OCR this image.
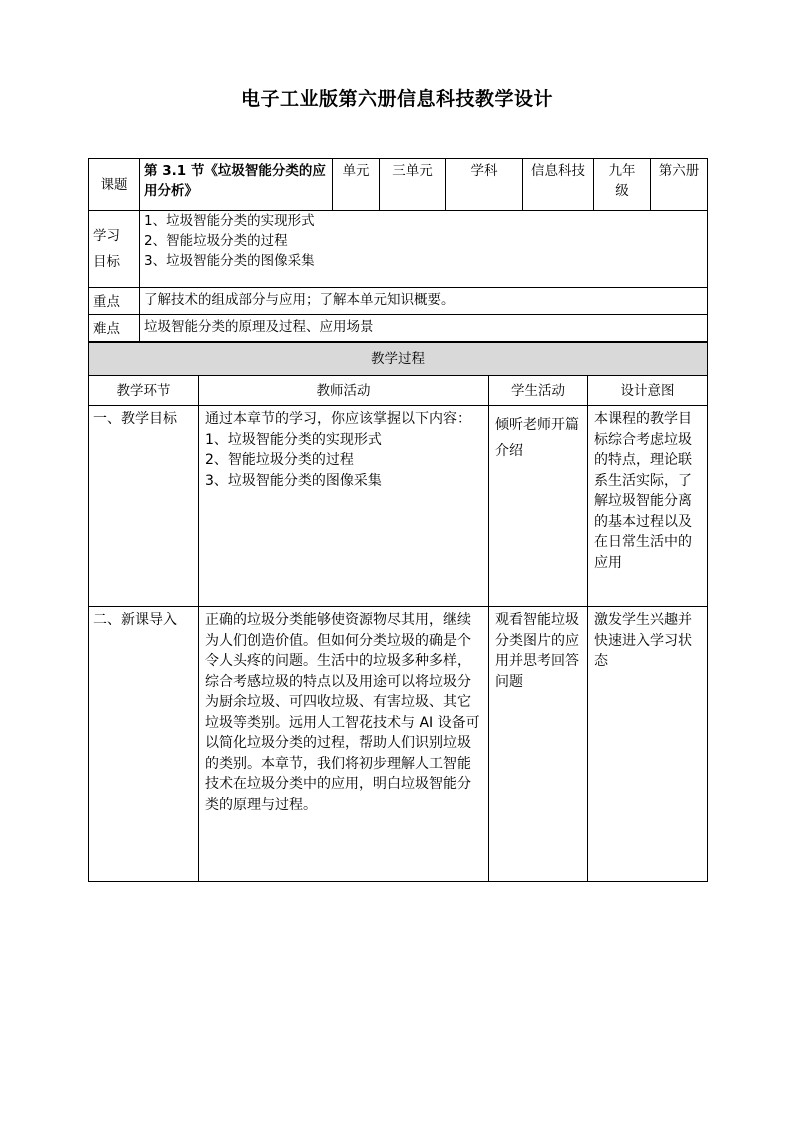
电子工业版第六册信息科技教学设计
课题	第 3.1 节《垃圾智能分类的应用分析》	单元	三单元	学科	信息科技	九年级	第六册
学习目标	1、垃圾智能分类的实现形式
2、智能垃圾分类的过程
3、垃圾智能分类的图像采集						

重点	了解技术的组成部分与应用；了解本单元知识概要。						
难点	垃圾智能分类的原理及过程、应用场景						
教学过程			
教学环节	教师活动	学生活动	设计意图
一、教学目标	通过本章节的学习，你应该掌握以下内容：
1、垃圾智能分类的实现形式
2、智能垃圾分类的过程
3、垃圾智能分类的图像采集	倾听老师开篇介绍	本课程的教学目标综合考虑垃圾的特点，理论联系生活实际，了解垃圾智能分离的基本过程以及在日常生活中的应用
二、新课导入	正确的垃圾分类能够使资源物尽其用，继续为人们创造价值。但如何分类垃圾的确是个令人头疼的问题。生活中的垃圾多种多样，综合考感垃圾的特点以及用途可以将垃圾分为厨余垃圾、可四收垃圾、有害垃圾、其它垃圾等类别。远用人工智花技术与 AI 设备可以简化垃圾分类的过程，帮助人们识别垃圾的类别。本章节，我们将初步理解人工智能技术在垃圾分类中的应用，明白垃圾智能分类的原理与过程。	观看智能垃圾分类图片的应用并思考回答问题	激发学生兴趣并快速进入学习状态
